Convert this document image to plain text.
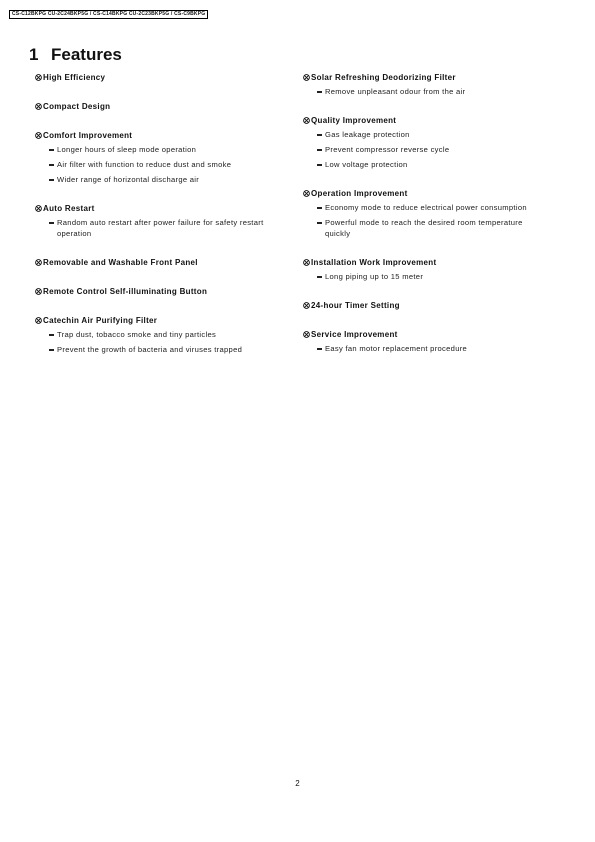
CS-C12BKPG CU-2C24BKP5G / CS-C14BKPG CU-2C23BKP5G / CS-C9BKPG
1 Features
High Efficiency
Compact Design
Comfort Improvement
Longer hours of sleep mode operation
Air filter with function to reduce dust and smoke
Wider range of horizontal discharge air
Auto Restart
Random auto restart after power failure for safety restart operation
Removable and Washable Front Panel
Remote Control Self-illuminating Button
Catechin Air Purifying Filter
Trap dust, tobacco smoke and tiny particles
Prevent the growth of bacteria and viruses trapped
Solar Refreshing Deodorizing Filter
Remove unpleasant odour from the air
Quality Improvement
Gas leakage protection
Prevent compressor reverse cycle
Low voltage protection
Operation Improvement
Economy mode to reduce electrical power consumption
Powerful mode to reach the desired room temperature quickly
Installation Work Improvement
Long piping up to 15 meter
24-hour Timer Setting
Service Improvement
Easy fan motor replacement procedure
2
